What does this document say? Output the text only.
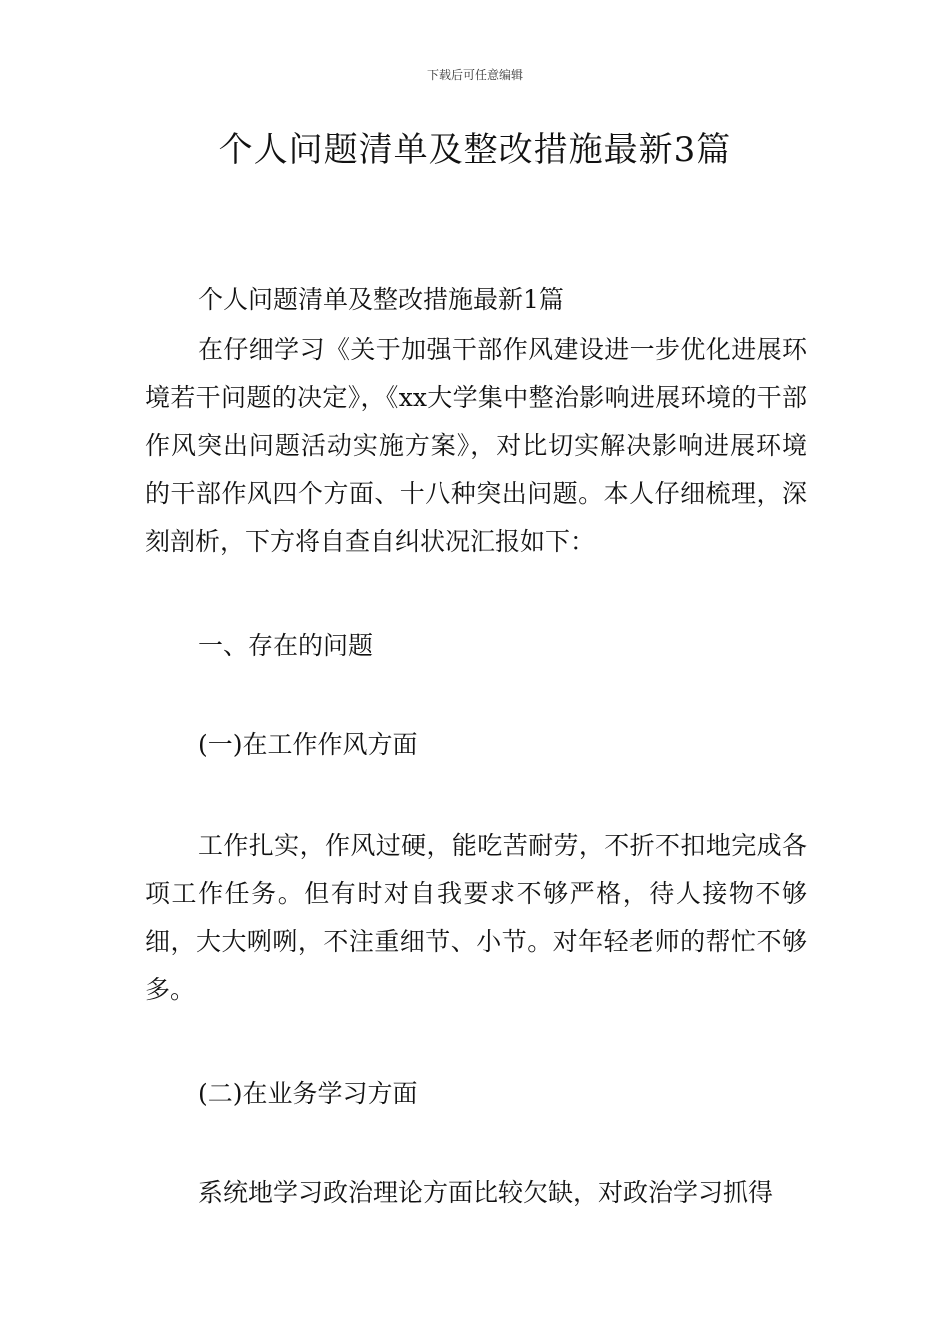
下载后可任意编辑
个人问题清单及整改措施最新3篇

个人问题清单及整改措施最新1篇

在仔细学习《关于加强干部作风建设进一步优化进展环境若干问题的决定》，《xx大学集中整治影响进展环境的干部作风突出问题活动实施方案》，对比切实解决影响进展环境的干部作风四个方面、十八种突出问题。本人仔细梳理，深刻剖析，下方将自查自纠状况汇报如下：

一、存在的问题

(一)在工作作风方面

工作扎实，作风过硬，能吃苦耐劳，不折不扣地完成各项工作任务。但有时对自我要求不够严格，待人接物不够细，大大咧咧，不注重细节、小节。对年轻老师的帮忙不够多。

(二)在业务学习方面

系统地学习政治理论方面比较欠缺，对政治学习抓得
